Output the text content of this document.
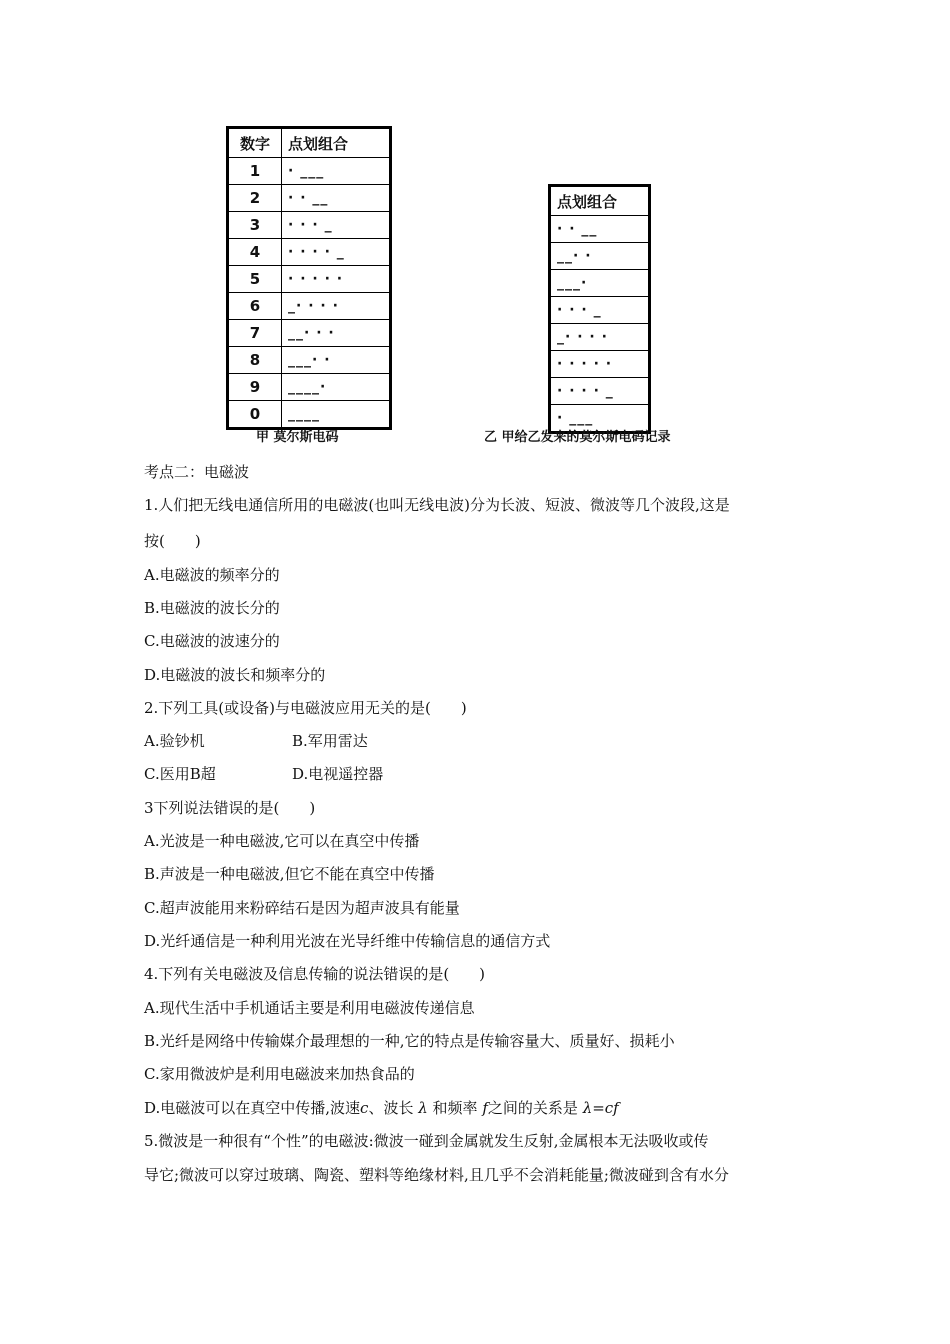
数字	点划组合
1	· ___
2	· · __
3	· · · _
4	· · · · _
5	· · · · ·
6	_· · · ·
7	__· · ·
8	___· ·
9	____·
0	____
甲 莫尔斯电码
点划组合
· · __
__· ·
___·
· · · _
_· · · ·
· · · · ·
· · · · _
· ___
乙 甲给乙发来的莫尔斯电码记录
考点二：电磁波
1.人们把无线电通信所用的电磁波(也叫无线电波)分为长波、短波、微波等几个波段,这是
按(　　)
A.电磁波的频率分的
B.电磁波的波长分的
C.电磁波的波速分的
D.电磁波的波长和频率分的
2.下列工具(或设备)与电磁波应用无关的是(　　)
A.验钞机	B.军用雷达
C.医用B超	D.电视遥控器
3下列说法错误的是(　　)
A.光波是一种电磁波,它可以在真空中传播
B.声波是一种电磁波,但它不能在真空中传播
C.超声波能用来粉碎结石是因为超声波具有能量
D.光纤通信是一种利用光波在光导纤维中传输信息的通信方式
4.下列有关电磁波及信息传输的说法错误的是(　　)
A.现代生活中手机通话主要是利用电磁波传递信息
B.光纤是网络中传输媒介最理想的一种,它的特点是传输容量大、质量好、损耗小
C.家用微波炉是利用电磁波来加热食品的
D.电磁波可以在真空中传播,波速c、波长 λ 和频率 f之间的关系是 λ=cf
5.微波是一种很有“个性”的电磁波:微波一碰到金属就发生反射,金属根本无法吸收或传
导它;微波可以穿过玻璃、陶瓷、塑料等绝缘材料,且几乎不会消耗能量;微波碰到含有水分
